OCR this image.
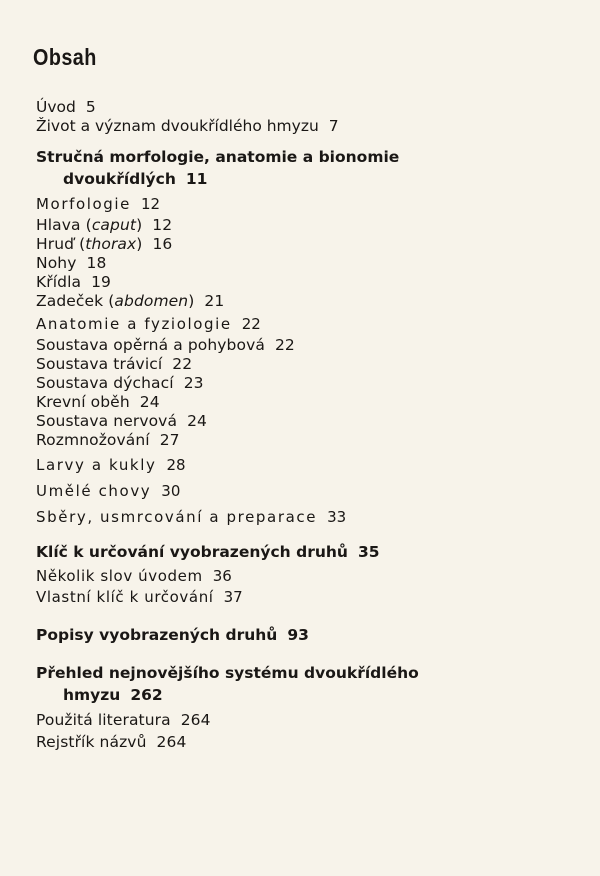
Obsah
Úvod 5
Život a význam dvoukřídlého hmyzu 7
Stručná morfologie, anatomie a bionomie
dvoukřídlých 11
Morfologie 12
Hlava (caput) 12
Hruď (thorax) 16
Nohy 18
Křídla 19
Zadeček (abdomen) 21
Anatomie a fyziologie 22
Soustava opěrná a pohybová 22
Soustava trávicí 22
Soustava dýchací 23
Krevní oběh 24
Soustava nervová 24
Rozmnožování 27
Larvy a kukly 28
Umělé chovy 30
Sběry, usmrcování a preparace 33
Klíč k určování vyobrazených druhů 35
Několik slov úvodem 36
Vlastní klíč k určování 37
Popisy vyobrazených druhů 93
Přehled nejnovějšího systému dvoukřídlého
hmyzu 262
Použitá literatura 264
Rejstřík názvů 264
